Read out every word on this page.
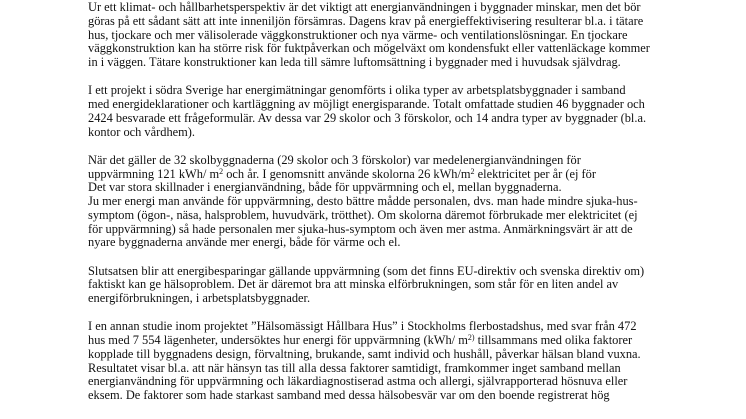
Ur ett klimat- och hållbarhetsperspektiv är det viktigt att energianvändningen i byggnader minskar, men det bör
göras på ett sådant sätt att inte inneniljön försämras. Dagens krav på energieffektivisering resulterar bl.a. i tätare
hus, tjockare och mer välisolerade väggkonstruktioner och nya värme- och ventilationslösningar. En tjockare
väggkonstruktion kan ha större risk för fuktpåverkan och mögelväxt om kondensfukt eller vattenläckage kommer
in i väggen. Tätare konstruktioner kan leda till sämre luftomsättning i byggnader med i huvudsak självdrag.
I ett projekt i södra Sverige har energimätningar genomförts i olika typer av arbetsplatsbyggnader i samband
med energideklarationer och kartläggning av möjligt energisparande. Totalt omfattade studien 46 byggnader och
2424 besvarade ett frågeformulär. Av dessa var 29 skolor och 3 förskolor, och 14 andra typer av byggnader (bl.a.
kontor och vårdhem).
När det gäller de 32 skolbyggnaderna (29 skolor och 3 förskolor) var medelenergianvändningen för
uppvärmning 121 kWh/ $m^2$ och år. I genomsnitt använde skolorna 26 kWh/$m^2$ elektricitet per år (ej för
Det var stora skillnader i energianvändning, både för uppvärmning och el, mellan byggnaderna.
Ju mer energi man använde för uppvärmning, desto bättre mådde personalen, dvs. man hade mindre sjuka-hus-
symptom (ögon-, näsa, halsproblem, huvudvärk, trötthet). Om skolorna däremot förbrukade mer elektricitet (ej
för uppvärmning) så hade personalen mer sjuka-hus-symptom och även mer astma. Anmärkningsvärt är att de
nyare byggnaderna använde mer energi, både för värme och el.
Slutsatsen blir att energibesparingar gällande uppvärmning (som det finns EU-direktiv och svenska direktiv om)
faktiskt kan ge hälsoproblem. Det är däremot bra att minska elförbrukningen, som står för en liten andel av
energiförbrukningen, i arbetsplatsbyggnader.
I en annan studie inom projektet ”Hälsomässigt Hållbara Hus” i Stockholms flerbostadshus, med svar från 472
hus med 7 554 lägenheter, undersöktes hur energi för uppvärmning (kWh/ $m^{2)}$ tillsammans med olika faktorer
kopplade till byggnadens design, förvaltning, brukande, samt individ och hushåll, påverkar hälsan bland vuxna.
Resultatet visar bl.a. att när hänsyn tas till alla dessa faktorer samtidigt, framkommer inget samband mellan
energianvändning för uppvärmning och läkardiagnostiserad astma och allergi, självrapporterad hösnuva eller
eksem. De faktorer som hade starkast samband med dessa hälsobesvär var om den boende registrerat hög
